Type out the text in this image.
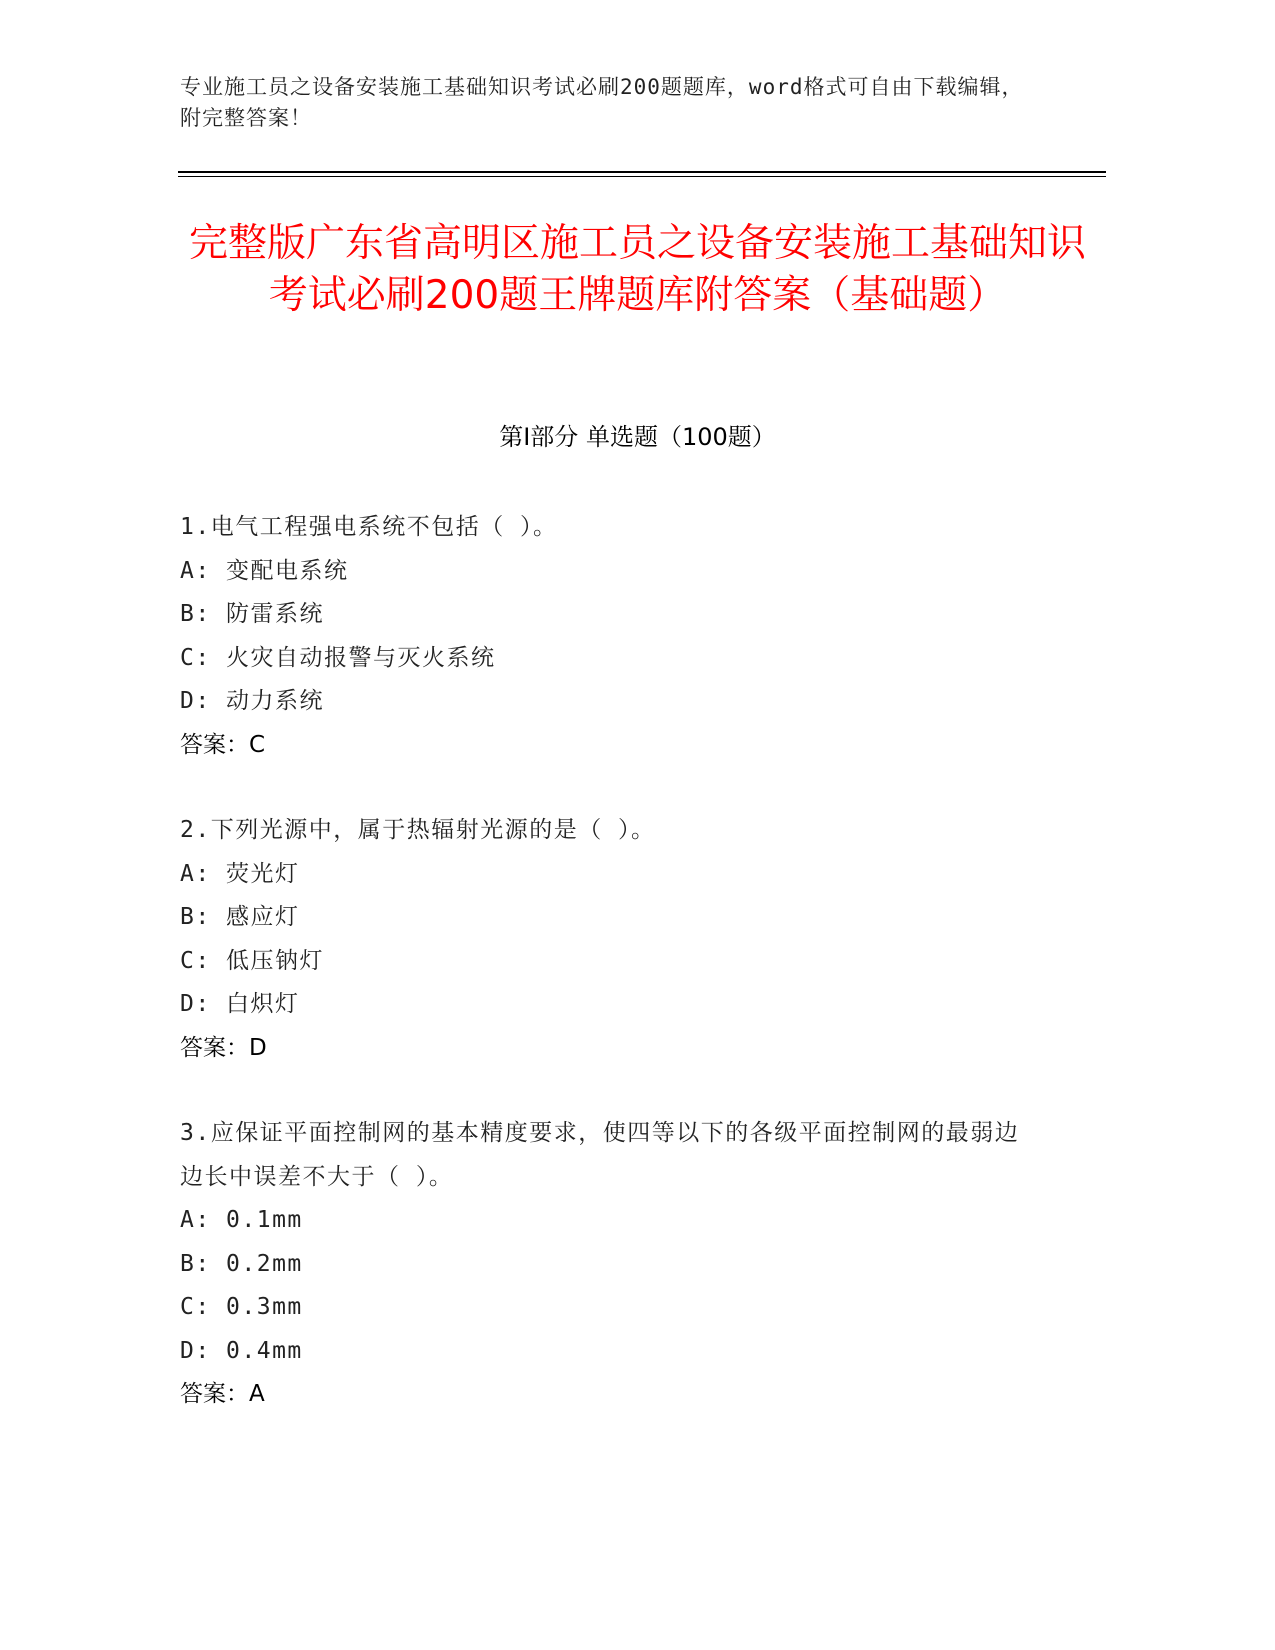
专业施工员之设备安装施工基础知识考试必刷200题题库，word格式可自由下载编辑，附完整答案！
完整版广东省高明区施工员之设备安装施工基础知识考试必刷200题王牌题库附答案（基础题）
第Ⅰ部分 单选题（100题）
1.电气工程强电系统不包括（ ）。
A: 变配电系统
B: 防雷系统
C: 火灾自动报警与灭火系统
D: 动力系统
答案：C
2.下列光源中，属于热辐射光源的是（ ）。
A: 荧光灯
B: 感应灯
C: 低压钠灯
D: 白炽灯
答案：D
3.应保证平面控制网的基本精度要求，使四等以下的各级平面控制网的最弱边边长中误差不大于（ ）。
A: 0.1mm
B: 0.2mm
C: 0.3mm
D: 0.4mm
答案：A
